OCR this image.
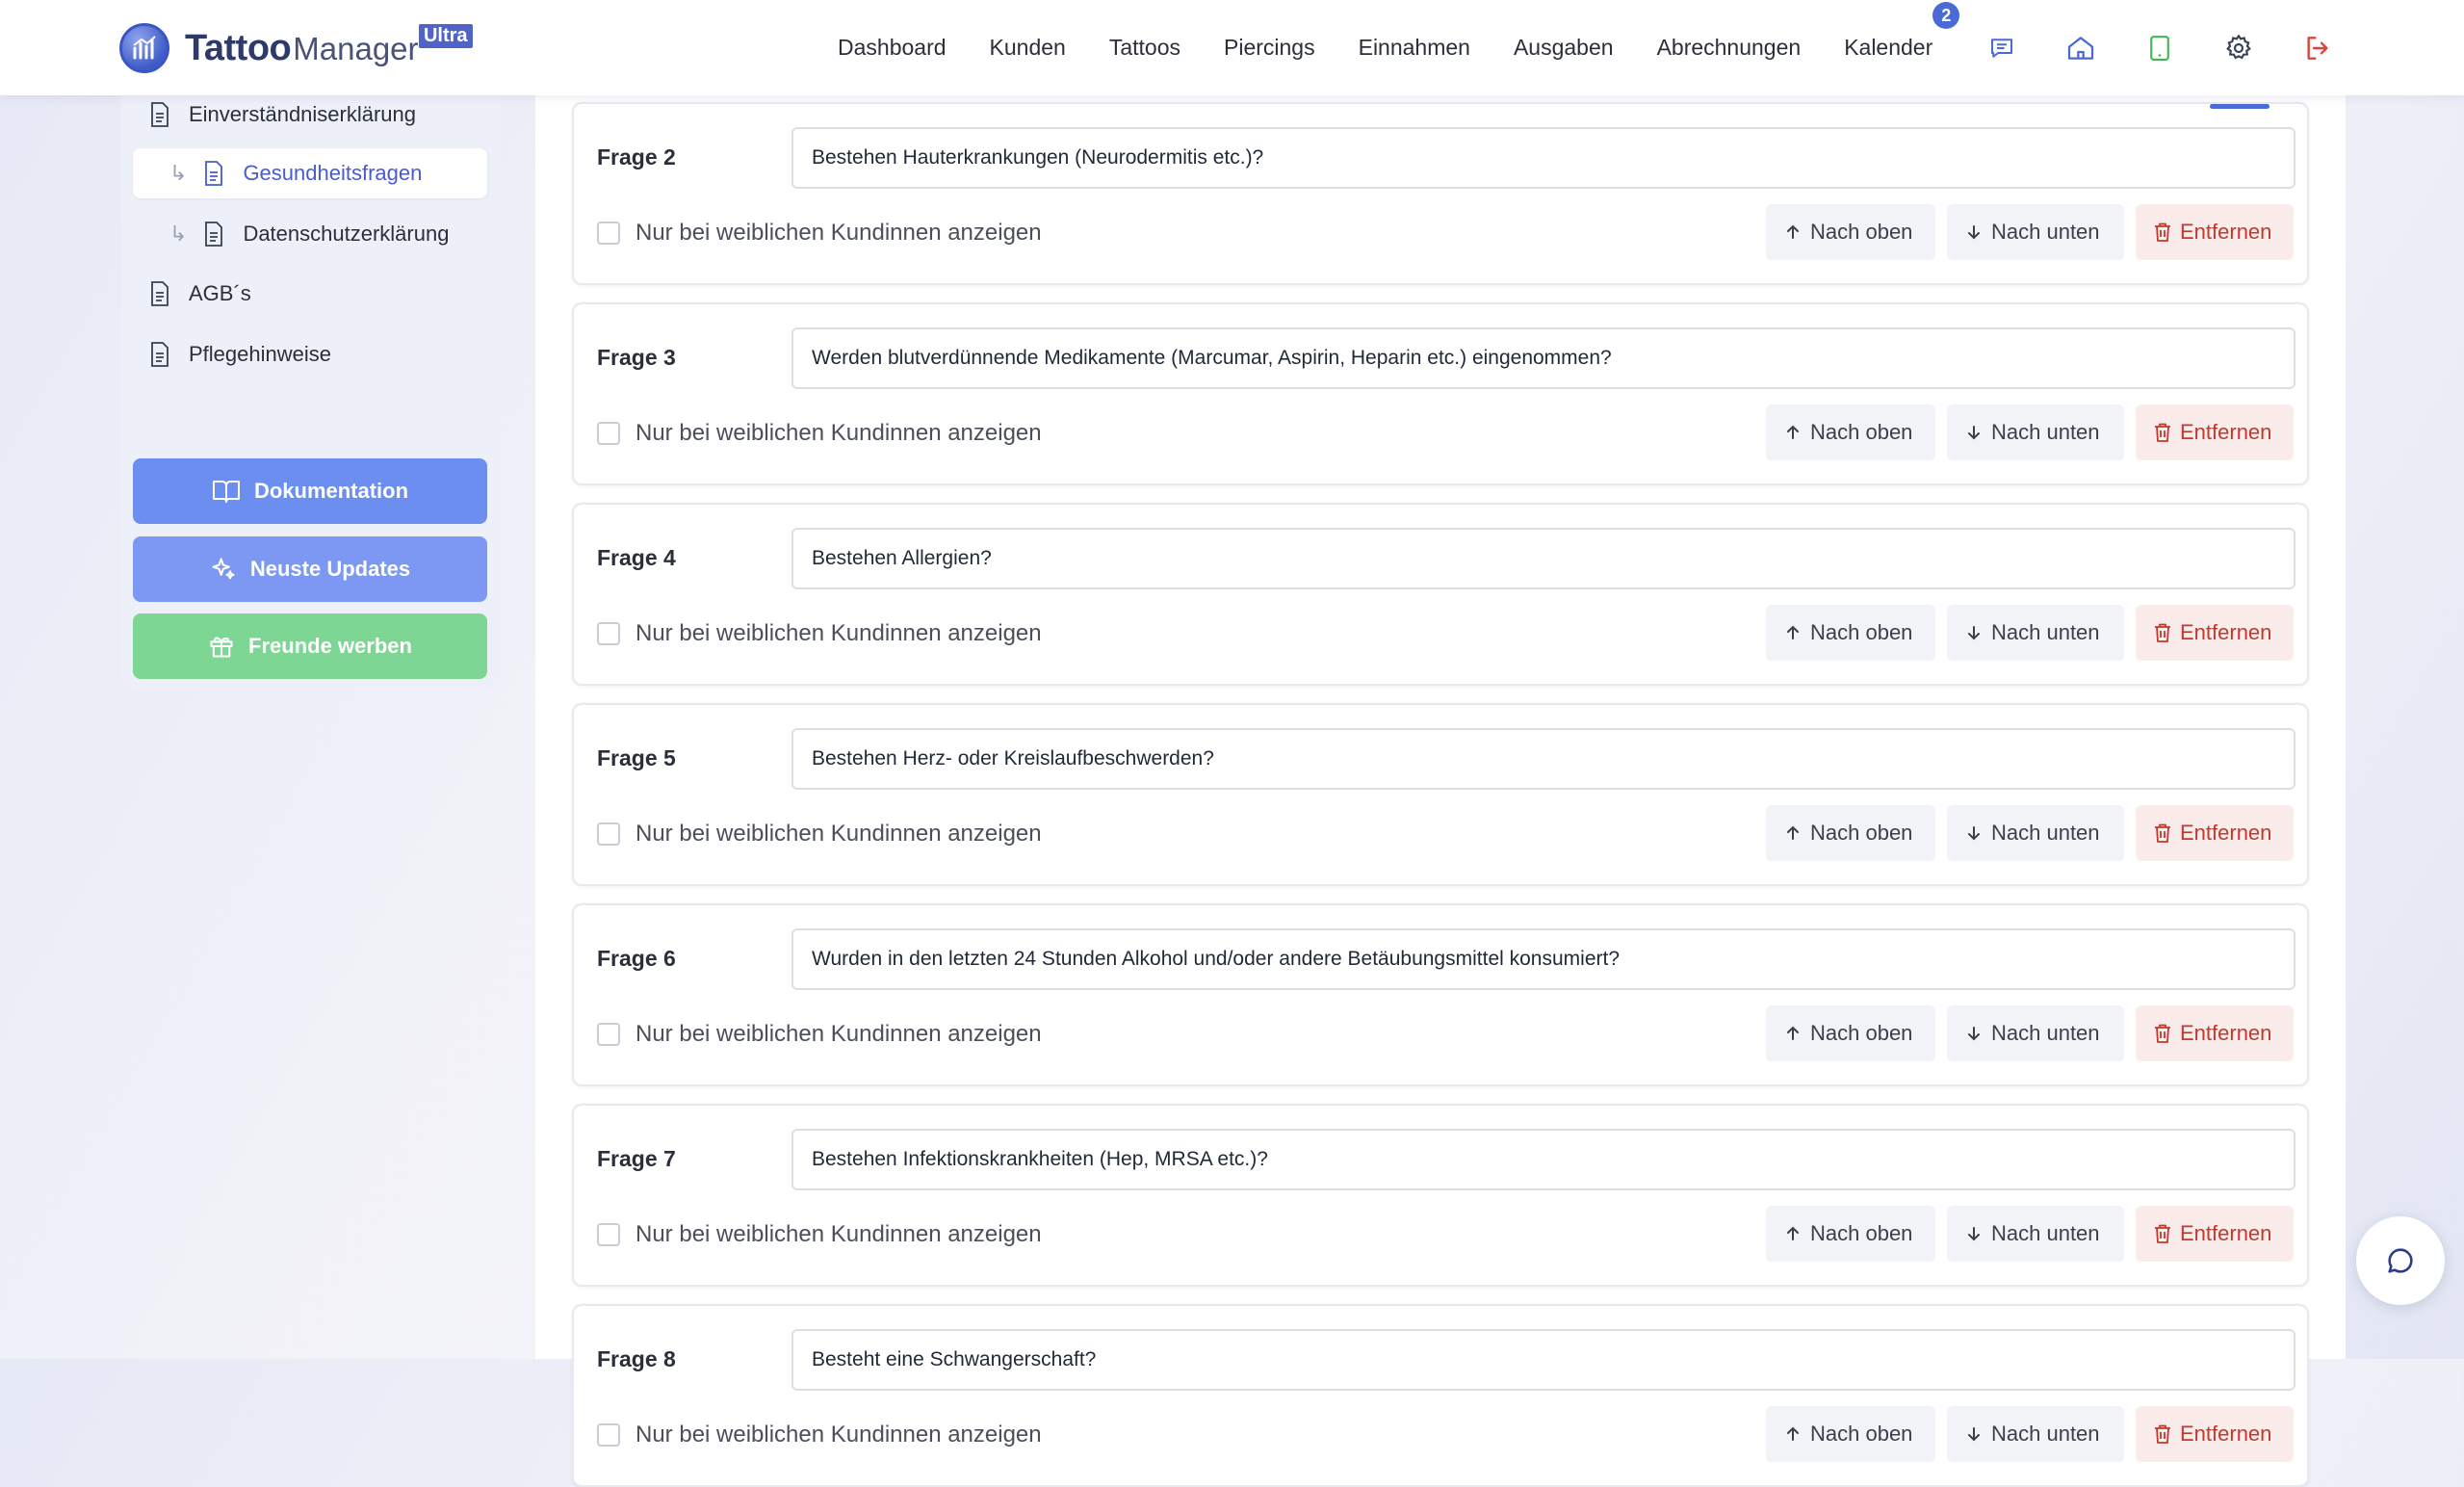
Tattoo Manager Ultra	Dashboard Kunden Tattoos Piercings Einnahmen Ausgaben Abrechnungen Kalender
2
Einverständniserklärung
↳	Gesundheitsfragen
↳	Datenschutzerklärung
AGB´s
Pflegehinweise
Dokumentation
Neuste Updates
Freunde werben
Frage 2
Bestehen Hauterkrankungen (Neurodermitis etc.)?
Nur bei weiblichen Kundinnen anzeigen	Nach oben	Nach unten	Entfernen
Frage 3
Werden blutverdünnende Medikamente (Marcumar, Aspirin, Heparin etc.) eingenommen?
Nur bei weiblichen Kundinnen anzeigen	Nach oben	Nach unten	Entfernen
Frage 4
Bestehen Allergien?
Nur bei weiblichen Kundinnen anzeigen	Nach oben	Nach unten	Entfernen
Frage 5
Bestehen Herz- oder Kreislaufbeschwerden?
Nur bei weiblichen Kundinnen anzeigen	Nach oben	Nach unten	Entfernen
Frage 6
Wurden in den letzten 24 Stunden Alkohol und/oder andere Betäubungsmittel konsumiert?
Nur bei weiblichen Kundinnen anzeigen	Nach oben	Nach unten	Entfernen
Frage 7
Bestehen Infektionskrankheiten (Hep, MRSA etc.)?
Nur bei weiblichen Kundinnen anzeigen	Nach oben	Nach unten	Entfernen
Frage 8
Besteht eine Schwangerschaft?
Nur bei weiblichen Kundinnen anzeigen	Nach oben	Nach unten	Entfernen
